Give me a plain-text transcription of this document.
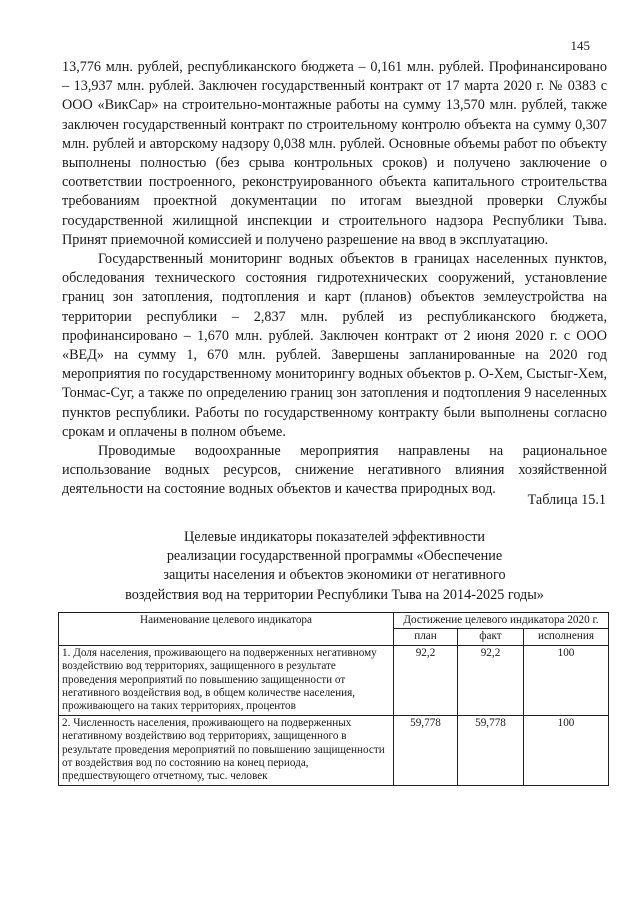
145

13,776 млн. рублей, республиканского бюджета – 0,161 млн. рублей. Профинансировано – 13,937 млн. рублей. Заключен государственный контракт от 17 марта 2020 г. № 0383 с ООО «ВикСар» на строительно-монтажные работы на сумму 13,570 млн. рублей, также заключен государственный контракт по строительному контролю объекта на сумму 0,307 млн. рублей и авторскому надзору 0,038 млн. рублей. Основные объемы работ по объекту выполнены полностью (без срыва контрольных сроков) и получено заключение о соответствии построенного, реконструированного объекта капитального строительства требованиям проектной документации по итогам выездной проверки Службы государственной жилищной инспекции и строительного надзора Республики Тыва. Принят приемочной комиссией и получено разрешение на ввод в эксплуатацию.

Государственный мониторинг водных объектов в границах населенных пунктов, обследования технического состояния гидротехнических сооружений, установление границ зон затопления, подтопления и карт (планов) объектов землеустройства на территории республики – 2,837 млн. рублей из республиканского бюджета, профинансировано – 1,670 млн. рублей. Заключен контракт от 2 июня 2020 г. с ООО «ВЕД» на сумму 1, 670 млн. рублей. Завершены запланированные на 2020 год мероприятия по государственному мониторингу водных объектов р. О-Хем, Сыстыг-Хем, Тонмас-Суг, а также по определению границ зон затопления и подтопления 9 населенных пунктов республики. Работы по государственному контракту были выполнены согласно срокам и оплачены в полном объеме.

Проводимые водоохранные мероприятия направлены на рациональное использование водных ресурсов, снижение негативного влияния хозяйственной деятельности на состояние водных объектов и качества природных вод.

Таблица 15.1
Целевые индикаторы показателей эффективности
реализации государственной программы «Обеспечение
защиты населения и объектов экономики от негативного
воздействия вод на территории Республики Тыва на 2014-2025 годы»
Наименование целевого индикатора	Достижение целевого индикатора 2020 г.		
	план	факт	исполнения
1. Доля населения, проживающего на подверженных негативному воздействию вод территориях, защищенного в результате проведения мероприятий по повышению защищенности от негативного воздействия вод, в общем количестве населения, проживающего на таких территориях, процентов	92,2	92,2	100
2. Численность населения, проживающего на подверженных негативному воздействию вод территориях, защищенного в результате проведения мероприятий по повышению защищенности от воздействия вод по состоянию на конец периода, предшествующего отчетному, тыс. человек	59,778	59,778	100
